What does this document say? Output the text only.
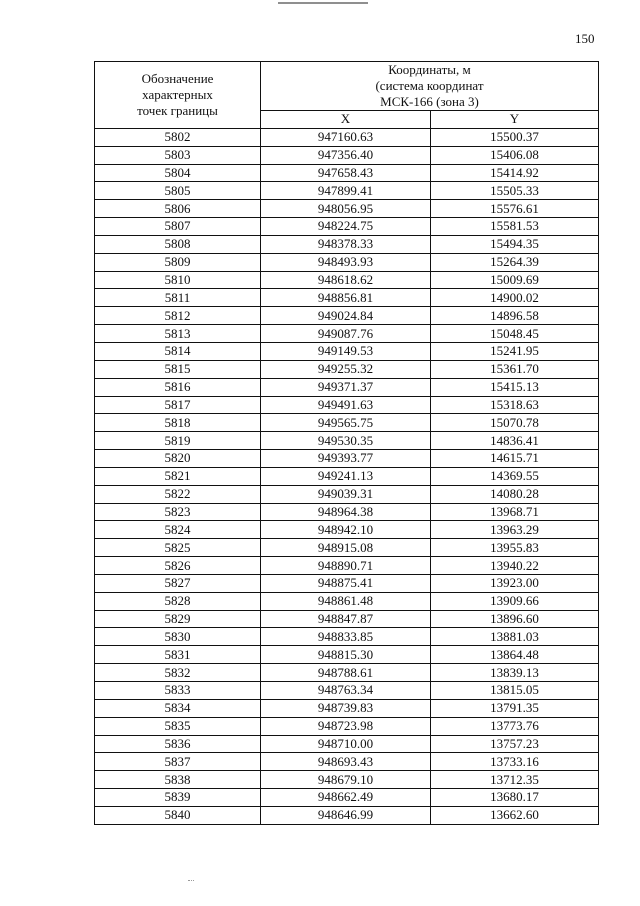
150
Обозначение
характерных
точек границы	Координаты, м
(система координат
МСК-166 (зона 3)	

	X	Y
5802	947160.63	15500.37
5803	947356.40	15406.08
5804	947658.43	15414.92
5805	947899.41	15505.33
5806	948056.95	15576.61
5807	948224.75	15581.53
5808	948378.33	15494.35
5809	948493.93	15264.39
5810	948618.62	15009.69
5811	948856.81	14900.02
5812	949024.84	14896.58
5813	949087.76	15048.45
5814	949149.53	15241.95
5815	949255.32	15361.70
5816	949371.37	15415.13
5817	949491.63	15318.63
5818	949565.75	15070.78
5819	949530.35	14836.41
5820	949393.77	14615.71
5821	949241.13	14369.55
5822	949039.31	14080.28
5823	948964.38	13968.71
5824	948942.10	13963.29
5825	948915.08	13955.83
5826	948890.71	13940.22
5827	948875.41	13923.00
5828	948861.48	13909.66
5829	948847.87	13896.60
5830	948833.85	13881.03
5831	948815.30	13864.48
5832	948788.61	13839.13
5833	948763.34	13815.05
5834	948739.83	13791.35
5835	948723.98	13773.76
5836	948710.00	13757.23
5837	948693.43	13733.16
5838	948679.10	13712.35
5839	948662.49	13680.17
5840	948646.99	13662.60
